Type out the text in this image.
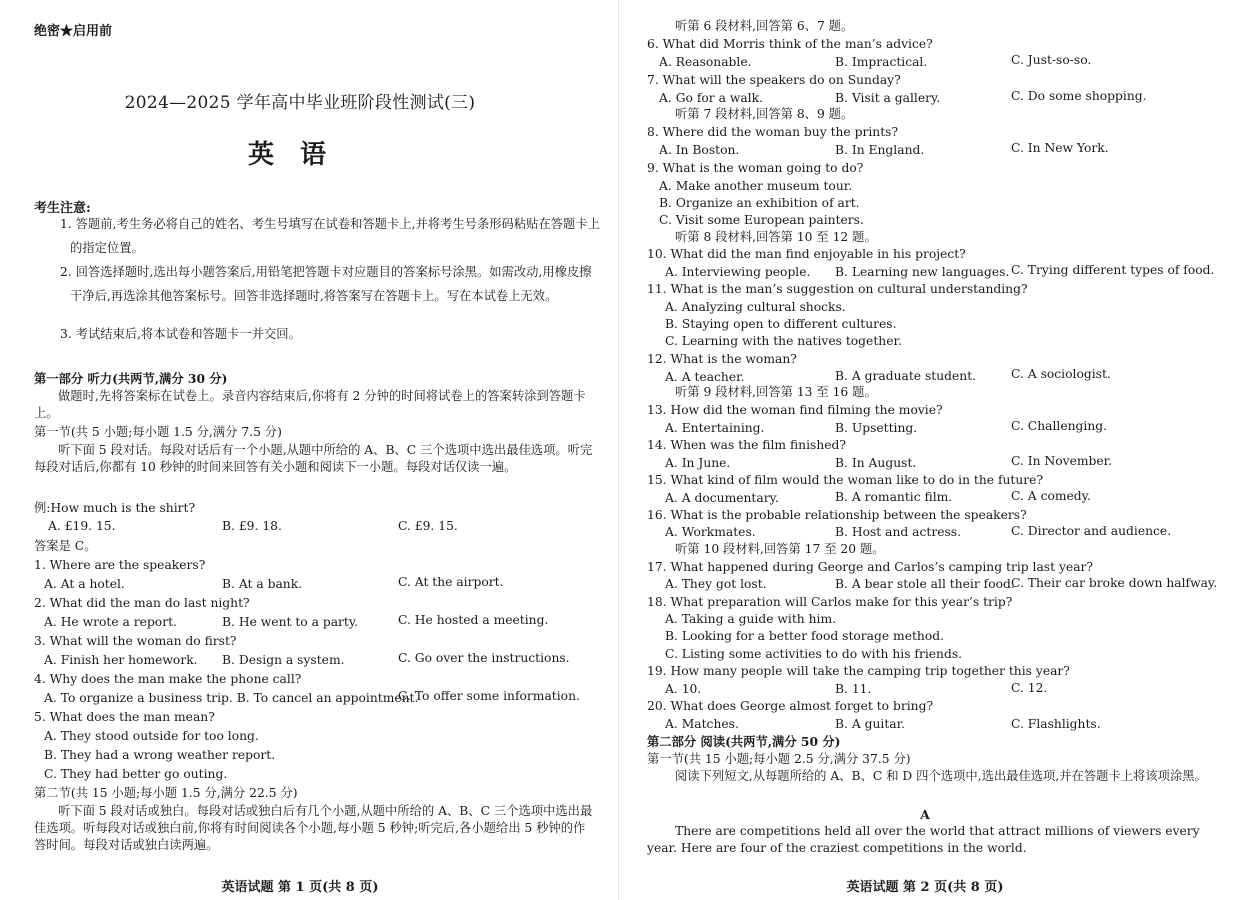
绝密★启用前
2024—2025 学年高中毕业班阶段性测试(三)
英语
考生注意:
1. 答题前,考生务必将自己的姓名、考生号填写在试卷和答题卡上,并将考生号条形码粘贴在答题卡上的指定位置。
2. 回答选择题时,选出每小题答案后,用铅笔把答题卡对应题目的答案标号涂黑。如需改动,用橡皮擦干净后,再选涂其他答案标号。回答非选择题时,将答案写在答题卡上。写在本试卷上无效。
3. 考试结束后,将本试卷和答题卡一并交回。
第一部分 听力(共两节,满分 30 分)
做题时,先将答案标在试卷上。录音内容结束后,你将有 2 分钟的时间将试卷上的答案转涂到答题卡上。
第一节(共 5 小题;每小题 1.5 分,满分 7.5 分)
听下面 5 段对话。每段对话后有一个小题,从题中所给的 A、B、C 三个选项中选出最佳选项。听完每段对话后,你都有 10 秒钟的时间来回答有关小题和阅读下一小题。每段对话仅读一遍。
例:How much is the shirt?
A. £19. 15.	B. £9. 18.	C. £9. 15.
答案是 C。
1. Where are the speakers?
A. At a hotel.	B. At a bank.	C. At the airport.
2. What did the man do last night?
A. He wrote a report.	B. He went to a party.	C. He hosted a meeting.
3. What will the woman do first?
A. Finish her homework. B. Design a system.	C. Go over the instructions.
4. Why does the man make the phone call?
A. To organize a business trip. B. To cancel an appointment.
C. To offer some information.
5. What does the man mean?
A. They stood outside for too long.
B. They had a wrong weather report.
C. They had better go outing.
第二节(共 15 小题;每小题 1.5 分,满分 22.5 分)
听下面 5 段对话或独白。每段对话或独白后有几个小题,从题中所给的 A、B、C 三个选项中选出最佳选项。听每段对话或独白前,你将有时间阅读各个小题,每小题 5 秒钟;听完后,各小题给出 5 秒钟的作答时间。每段对话或独白读两遍。
英语试题 第 1 页(共 8 页)
听第 6 段材料,回答第 6、7 题。
6. What did Morris think of the man’s advice?
A. Reasonable.	B. Impractical.	C. Just-so-so.
7. What will the speakers do on Sunday?
A. Go for a walk.	B. Visit a gallery.	C. Do some shopping.
听第 7 段材料,回答第 8、9 题。
8. Where did the woman buy the prints?
A. In Boston.	B. In England.	C. In New York.
9. What is the woman going to do?
A. Make another museum tour.
B. Organize an exhibition of art.
C. Visit some European painters.
听第 8 段材料,回答第 10 至 12 题。
10. What did the man find enjoyable in his project?
A. Interviewing people. B. Learning new languages. C. Trying different types of food.
11. What is the man’s suggestion on cultural understanding?
A. Analyzing cultural shocks.
B. Staying open to different cultures.
C. Learning with the natives together.
12. What is the woman?
A. A teacher.	B. A graduate student.	C. A sociologist.
听第 9 段材料,回答第 13 至 16 题。
13. How did the woman find filming the movie?
A. Entertaining.	B. Upsetting.	C. Challenging.
14. When was the film finished?
A. In June.	B. In August.	C. In November.
15. What kind of film would the woman like to do in the future?
A. A documentary.	B. A romantic film.	C. A comedy.
16. What is the probable relationship between the speakers?
A. Workmates.	B. Host and actress.	C. Director and audience.
听第 10 段材料,回答第 17 至 20 题。
17. What happened during George and Carlos’s camping trip last year?
A. They got lost.	B. A bear stole all their food.
C. Their car broke down halfway.
18. What preparation will Carlos make for this year’s trip?
A. Taking a guide with him.
B. Looking for a better food storage method.
C. Listing some activities to do with his friends.
19. How many people will take the camping trip together this year?
A. 10.	B. 11.	C. 12.
20. What does George almost forget to bring?
A. Matches.	B. A guitar.	C. Flashlights.
第二部分 阅读(共两节,满分 50 分)
第一节(共 15 小题;每小题 2.5 分,满分 37.5 分)
阅读下列短文,从每题所给的 A、B、C 和 D 四个选项中,选出最佳选项,并在答题卡上将该项涂黑。
A
There are competitions held all over the world that attract millions of viewers every year. Here are four of the craziest competitions in the world.
英语试题 第 2 页(共 8 页)
